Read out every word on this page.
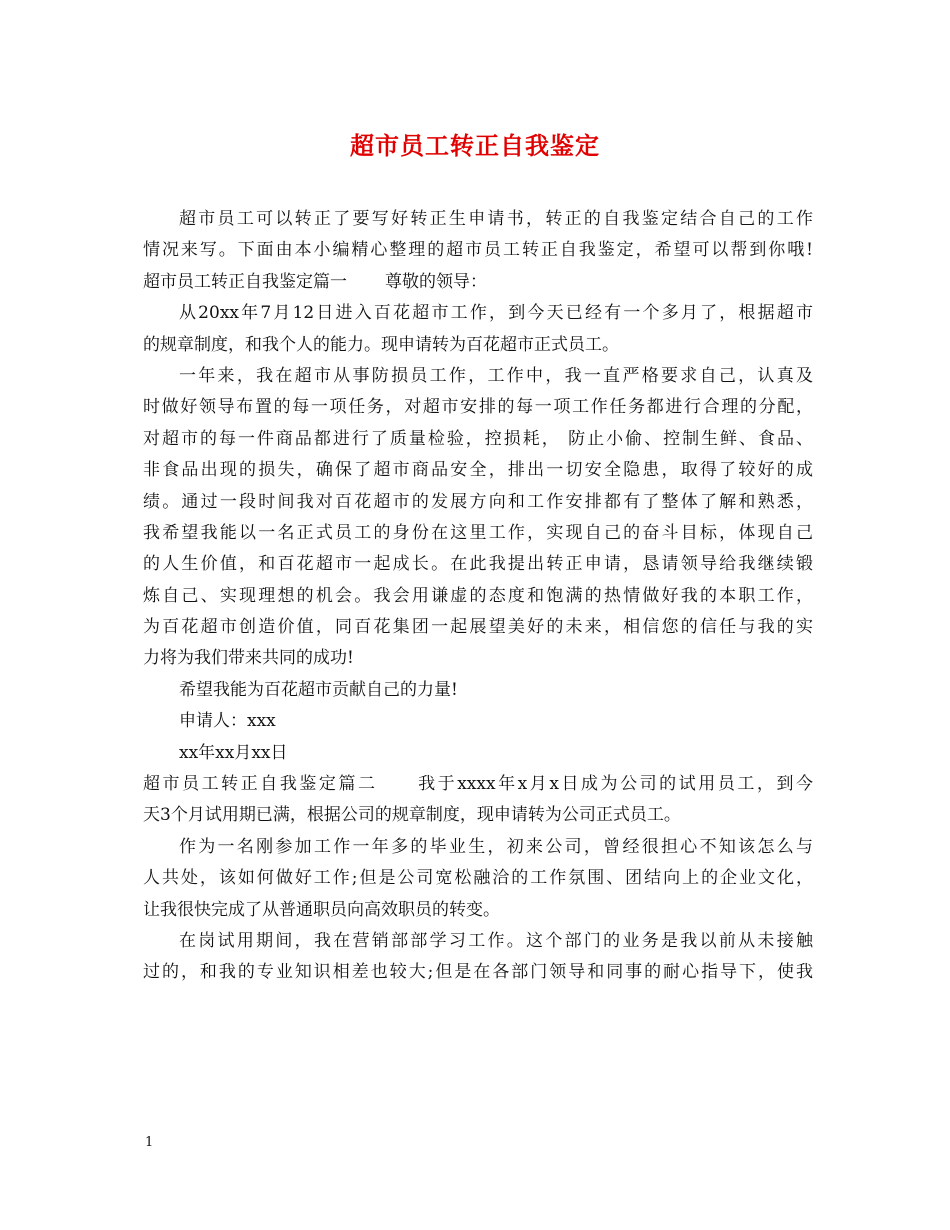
超市员工转正自我鉴定
超市员工可以转正了要写好转正生申请书，转正的自我鉴定结合自己的工作
情况来写。下面由本小编精心整理的超市员工转正自我鉴定，希望可以帮到你哦!
超市员工转正自我鉴定篇一 尊敬的领导：
从20xx年7月12日进入百花超市工作，到今天已经有一个多月了，根据超市
的规章制度，和我个人的能力。现申请转为百花超市正式员工。
一年来，我在超市从事防损员工作，工作中，我一直严格要求自己，认真及
时做好领导布置的每一项任务，对超市安排的每一项工作任务都进行合理的分配，
对超市的每一件商品都进行了质量检验，控损耗， 防止小偷、控制生鲜、食品、
非食品出现的损失，确保了超市商品安全，排出一切安全隐患，取得了较好的成
绩。通过一段时间我对百花超市的发展方向和工作安排都有了整体了解和熟悉，
我希望我能以一名正式员工的身份在这里工作，实现自己的奋斗目标，体现自己
的人生价值，和百花超市一起成长。在此我提出转正申请，恳请领导给我继续锻
炼自己、实现理想的机会。我会用谦虚的态度和饱满的热情做好我的本职工作，
为百花超市创造价值，同百花集团一起展望美好的未来，相信您的信任与我的实
力将为我们带来共同的成功!
希望我能为百花超市贡献自己的力量!
申请人：xxx
xx年xx月xx日
超市员工转正自我鉴定篇二 我于xxxx年x月x日成为公司的试用员工，到今
天3个月试用期已满，根据公司的规章制度，现申请转为公司正式员工。
作为一名刚参加工作一年多的毕业生，初来公司，曾经很担心不知该怎么与
人共处，该如何做好工作;但是公司宽松融洽的工作氛围、团结向上的企业文化，
让我很快完成了从普通职员向高效职员的转变。
在岗试用期间，我在营销部部学习工作。这个部门的业务是我以前从未接触
过的，和我的专业知识相差也较大;但是在各部门领导和同事的耐心指导下，使我
1
